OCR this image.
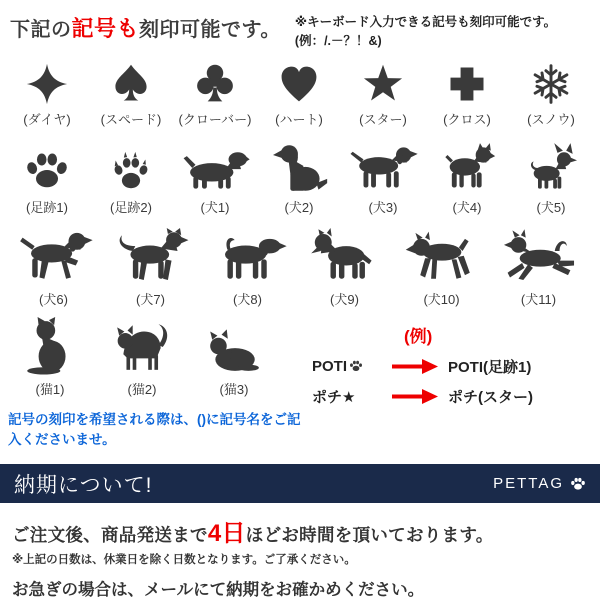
下記の記号も刻印可能です。 ※キーボード入力できる記号も刻印可能です。
(例：/.－？！&)
(ダイヤ) (スペード) (クローバー) (ハート)	(スター)	(クロス)	(スノウ)
(足跡1)	(足跡2)	(犬1)	(犬2)	(犬3)	(犬4)	(犬5)
(犬6)	(犬7)	(犬8)	(犬9)	(犬10)	(犬11)
(猫1)	(猫2)	(猫3)
記号の刻印を希望される際は、()に記号名をご記入くださいませ。
(例)
POTI	POTI(足跡1)
ポチ★	ポチ(スター)
納期について!	PETTAG
ご注文後、商品発送まで4日ほどお時間を頂いております。
※上記の日数は、休業日を除く日数となります。ご了承ください。
お急ぎの場合は、メールにて納期をお確かめください。
